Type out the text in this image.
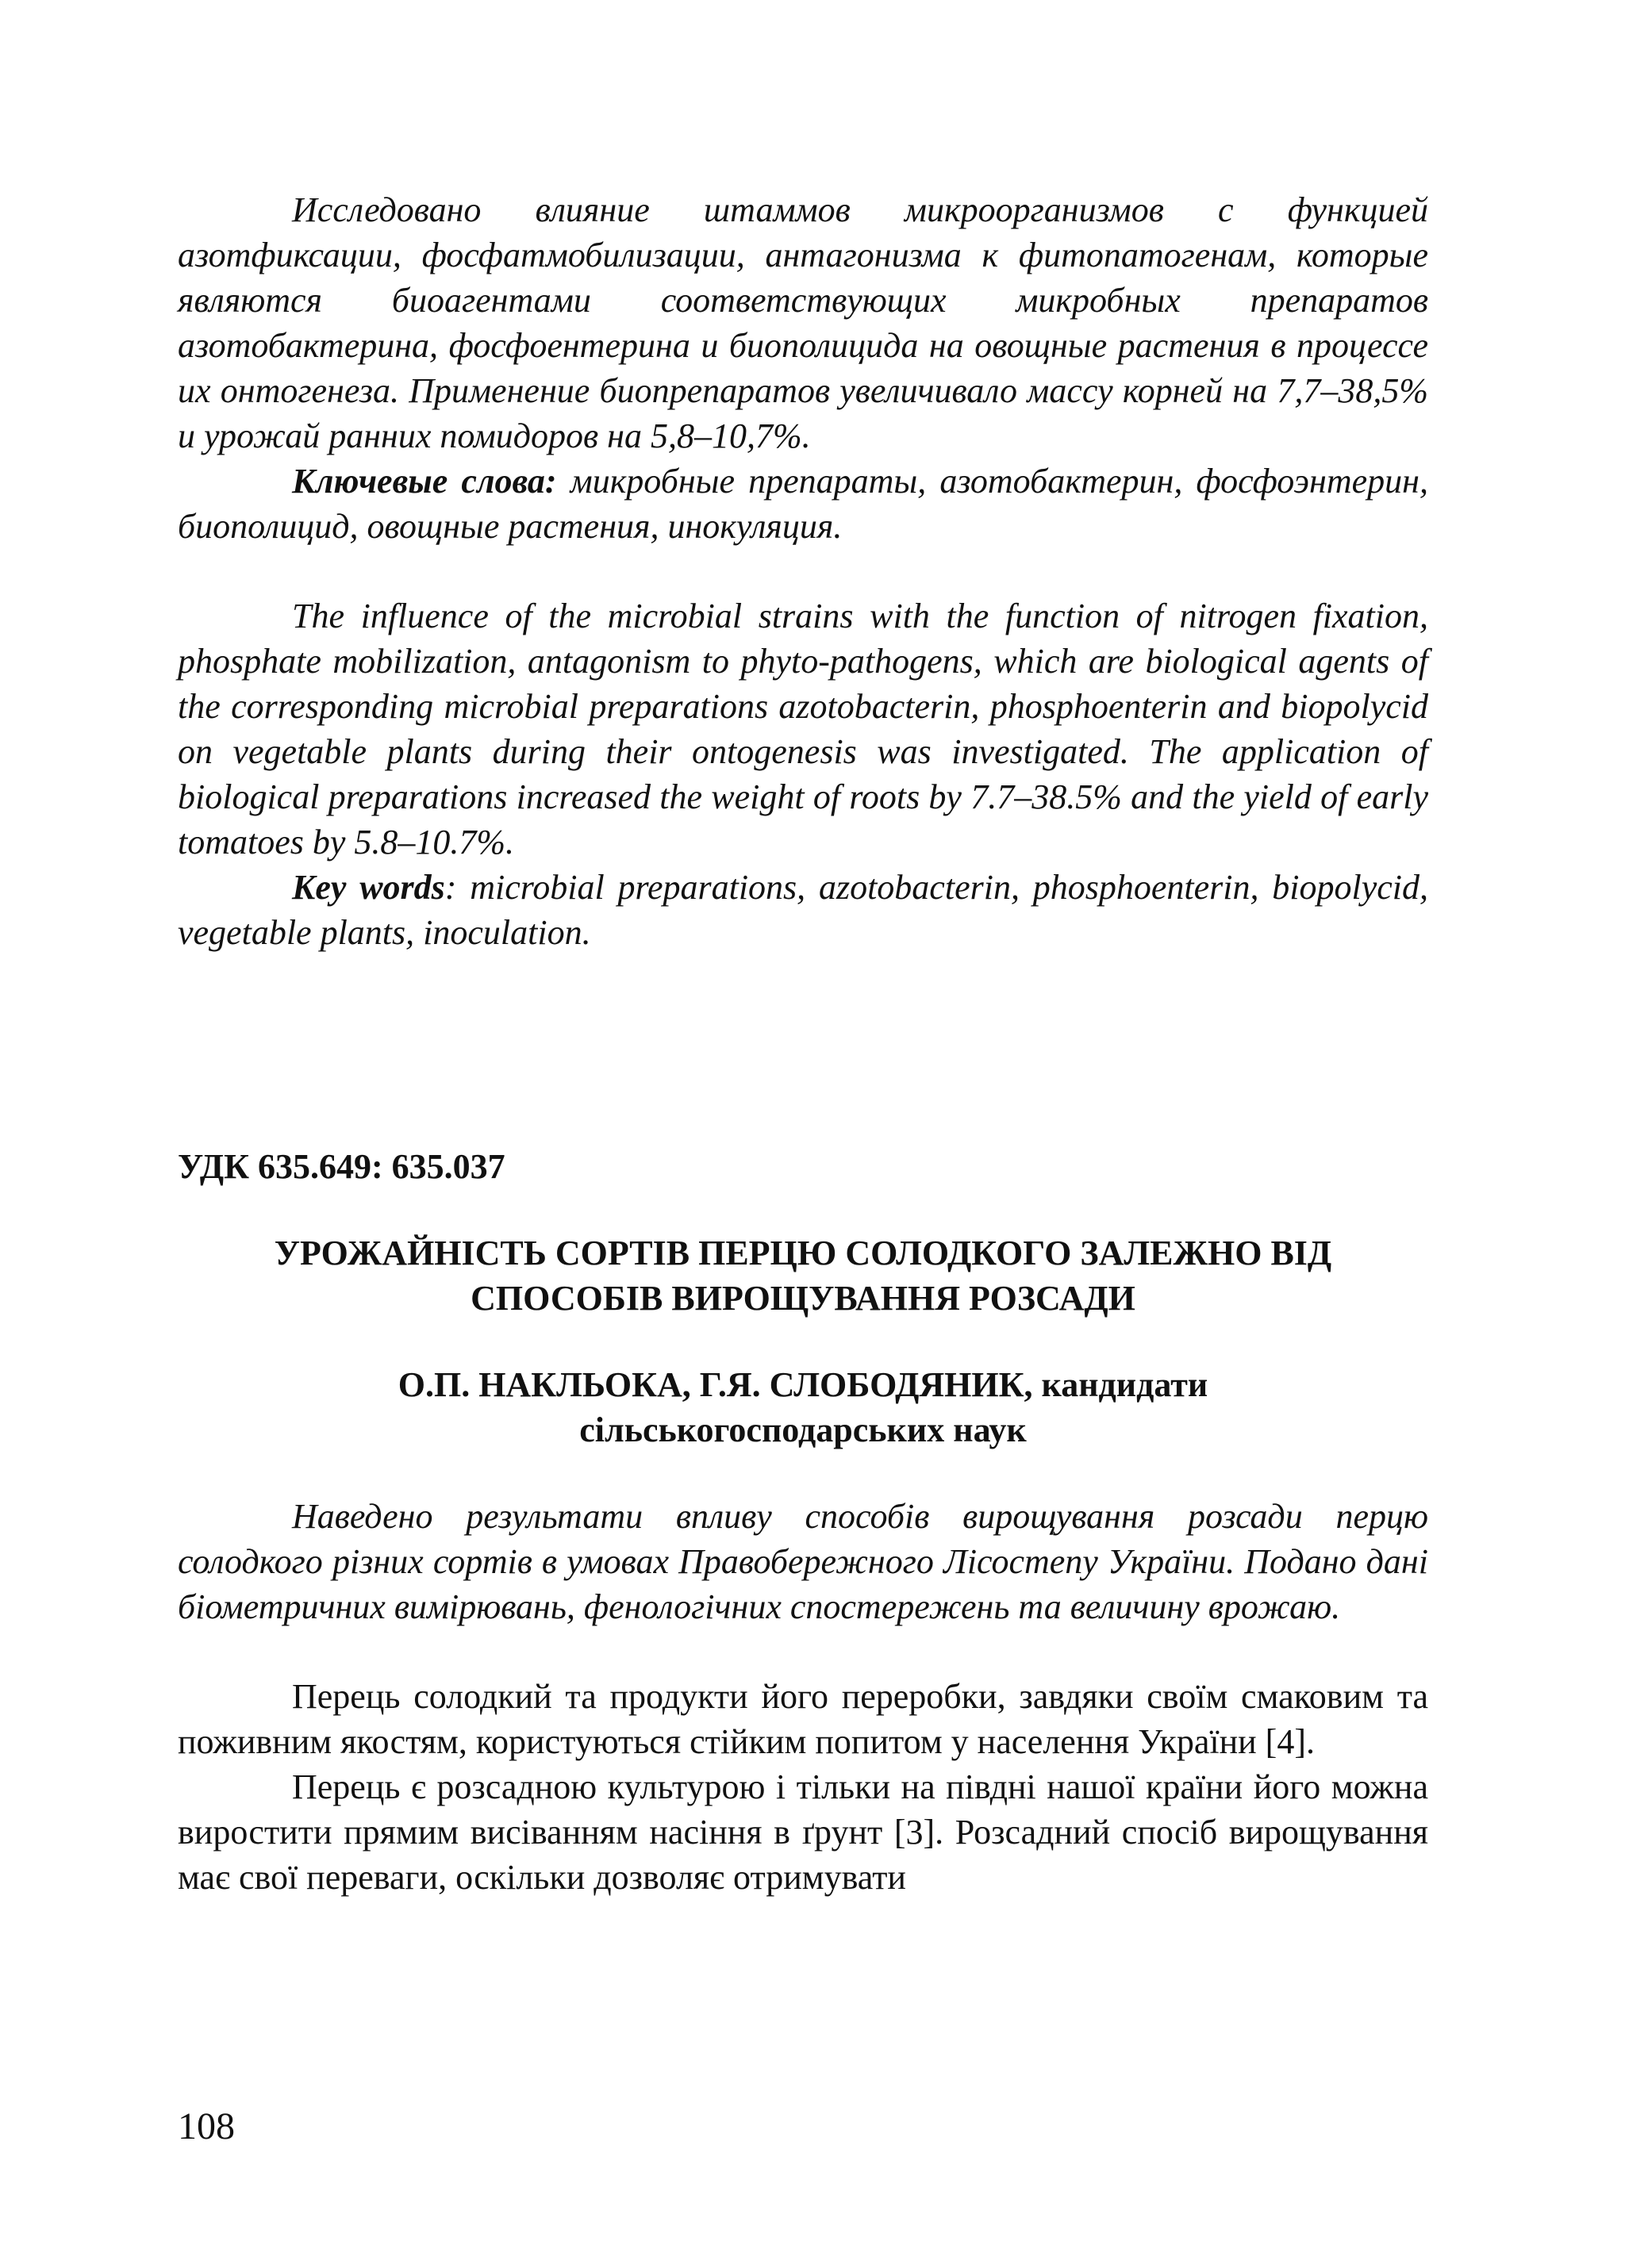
Исследовано влияние штаммов микроорганизмов с функцией азотфиксации, фосфатмобилизации, антагонизма к фитопатогенам, которые являются биоагентами соответствующих микробных препаратов азотобактерина, фосфоентерина и биополицида на овощные растения в процессе их онтогенеза. Применение биопрепаратов увеличивало массу корней на 7,7–38,5% и урожай ранних помидоров на 5,8–10,7%.

Ключевые слова: микробные препараты, азотобактерин, фосфоэнтерин, биополицид, овощные растения, инокуляция.

The influence of the microbial strains with the function of nitrogen fixation, phosphate mobilization, antagonism to phyto-pathogens, which are biological agents of the corresponding microbial preparations azotobacterin, phosphoenterin and biopolycid on vegetable plants during their ontogenesis was investigated. The application of biological preparations increased the weight of roots by 7.7–38.5% and the yield of early tomatoes by 5.8–10.7%.

Key words: microbial preparations, azotobacterin, phosphoenterin, biopolycid, vegetable plants, inoculation.

УДК 635.649: 635.037
УРОЖАЙНІСТЬ СОРТІВ ПЕРЦЮ СОЛОДКОГО ЗАЛЕЖНО ВІД
СПОСОБІВ ВИРОЩУВАННЯ РОЗСАДИ
О.П. НАКЛЬОКА, Г.Я. СЛОБОДЯНИК, кандидати
сільськогосподарських наук

Наведено результати впливу способів вирощування розсади перцю солодкого різних сортів в умовах Правобережного Лісостепу України. Подано дані біометричних вимірювань, фенологічних спостережень та величину врожаю.

Перець солодкий та продукти його переробки, завдяки своїм смаковим та поживним якостям, користуються стійким попитом у населення України [4].

Перець є розсадною культурою і тільки на півдні нашої країни його можна виростити прямим висіванням насіння в ґрунт [3]. Розсадний спосіб вирощування має свої переваги, оскільки дозволяє отримувати

108
